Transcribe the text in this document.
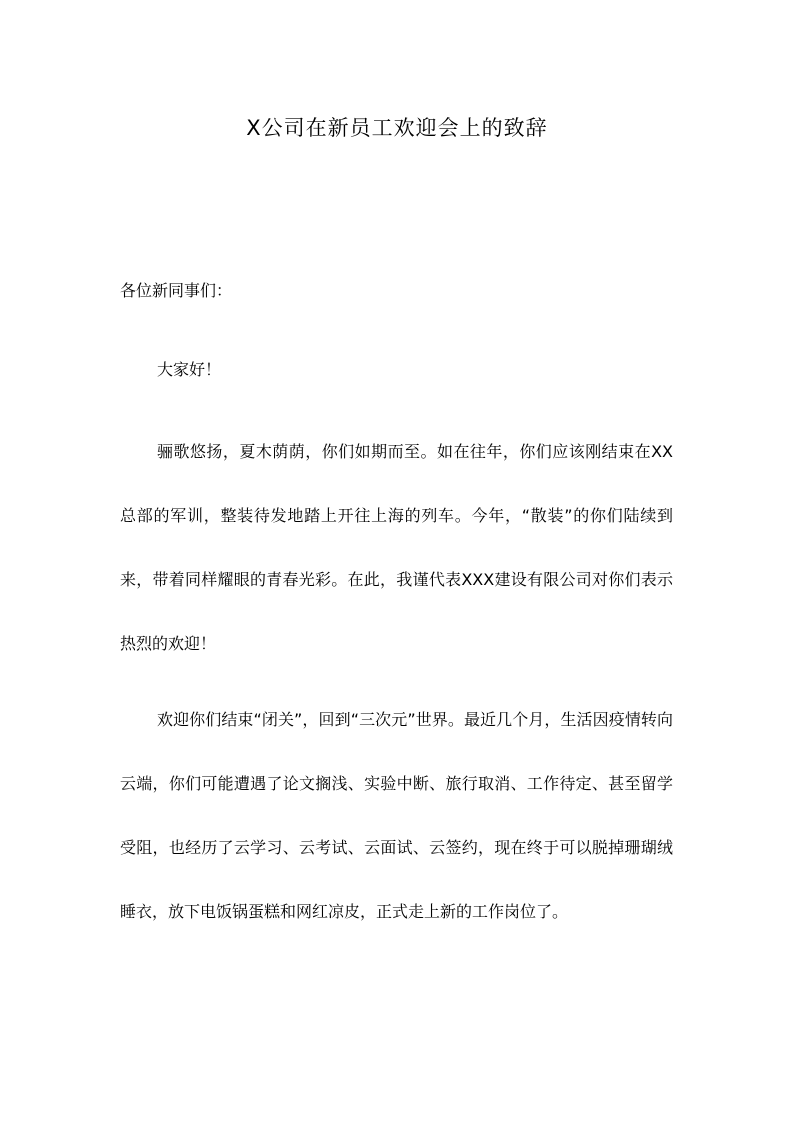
X公司在新员工欢迎会上的致辞
各位新同事们：
大家好！
骊歌悠扬，夏木荫荫，你们如期而至。如在往年，你们应该刚结束在XX总部的军训，整装待发地踏上开往上海的列车。今年，“散装”的你们陆续到来，带着同样耀眼的青春光彩。在此，我谨代表XXX建设有限公司对你们表示热烈的欢迎！
欢迎你们结束“闭关”，回到“三次元”世界。最近几个月，生活因疫情转向云端，你们可能遭遇了论文搁浅、实验中断、旅行取消、工作待定、甚至留学受阻，也经历了云学习、云考试、云面试、云签约，现在终于可以脱掉珊瑚绒睡衣，放下电饭锅蛋糕和网红凉皮，正式走上新的工作岗位了。
